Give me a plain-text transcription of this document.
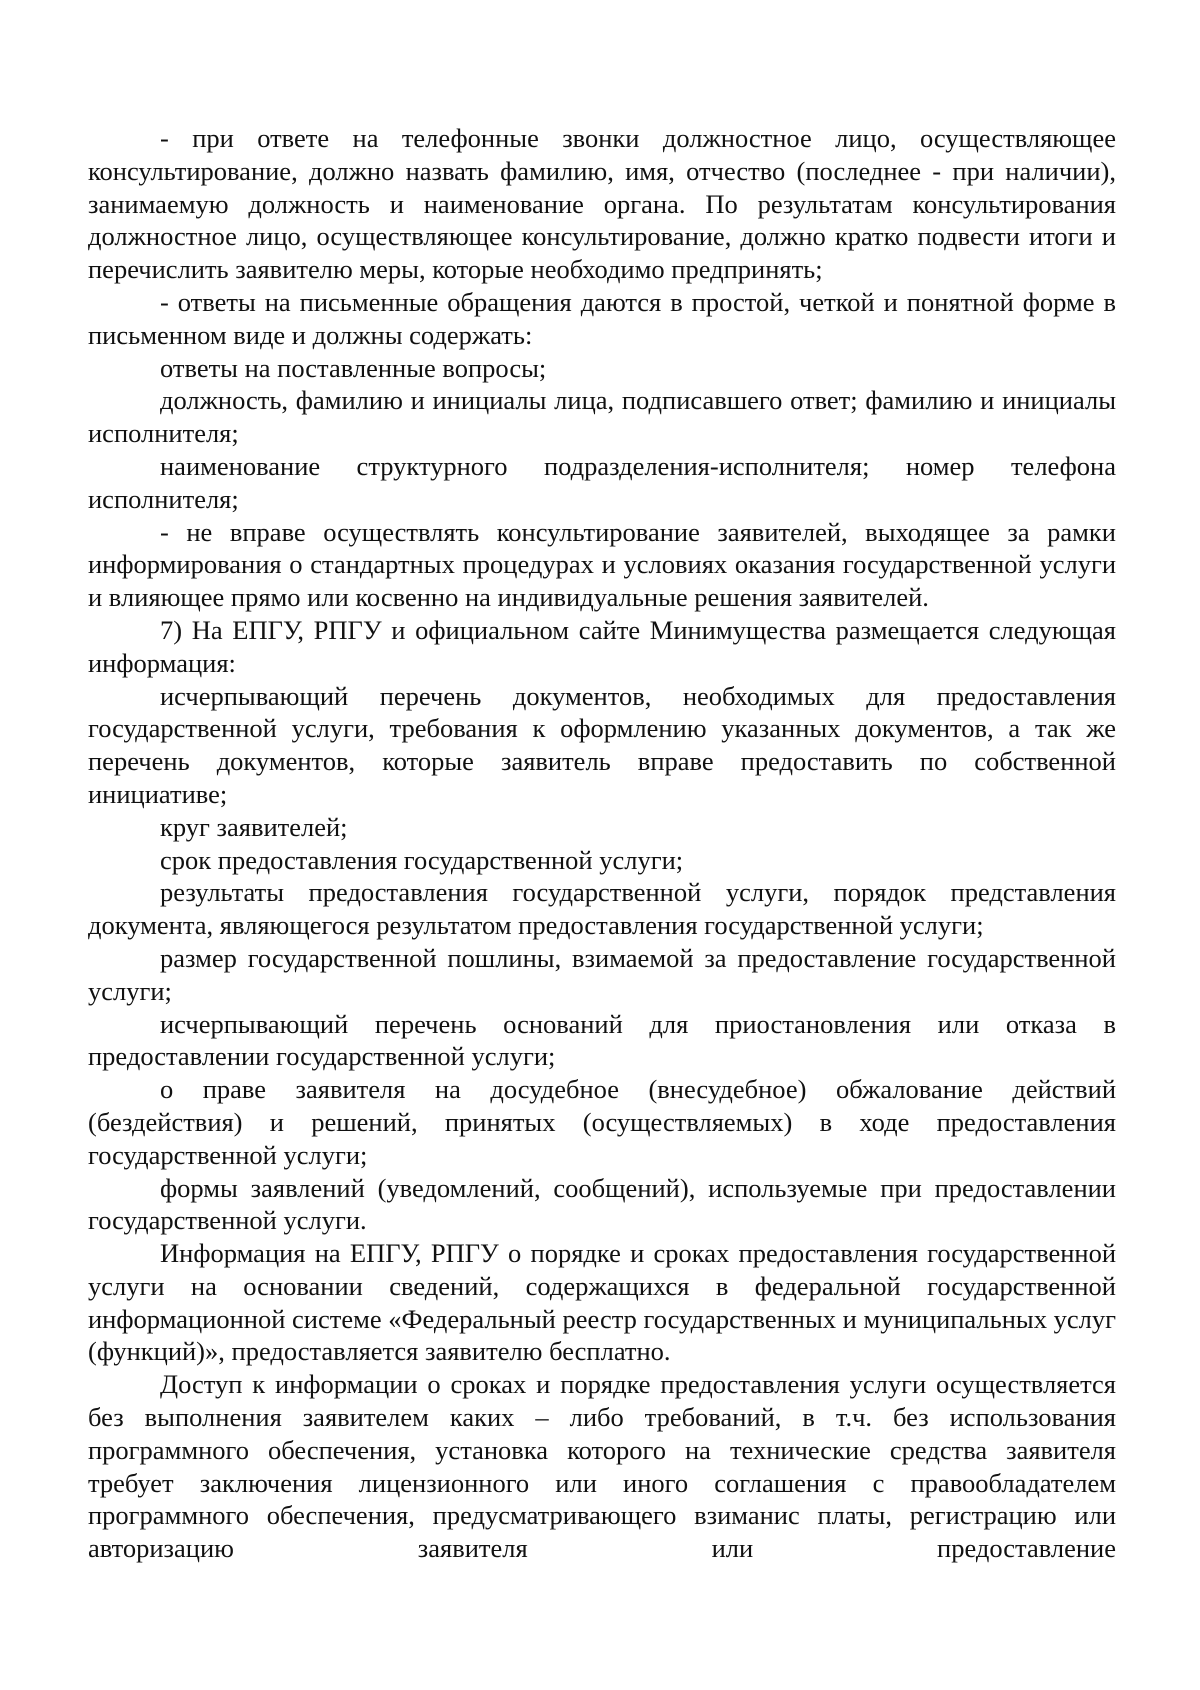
- при ответе на телефонные звонки должностное лицо, осуществляющее консультирование, должно назвать фамилию, имя, отчество (последнее - при наличии), занимаемую должность и наименование органа. По результатам консультирования должностное лицо, осуществляющее консультирование, должно кратко подвести итоги и перечислить заявителю меры, которые необходимо предпринять;

- ответы на письменные обращения даются в простой, четкой и понятной форме в письменном виде и должны содержать:

ответы на поставленные вопросы;

должность, фамилию и инициалы лица, подписавшего ответ; фамилию и инициалы исполнителя;

наименование структурного подразделения-исполнителя; номер телефона исполнителя;

- не вправе осуществлять консультирование заявителей, выходящее за рамки информирования о стандартных процедурах и условиях оказания государственной услуги и влияющее прямо или косвенно на индивидуальные решения заявителей.

7) На ЕПГУ, РПГУ и официальном сайте Минимущества размещается следующая информация:

исчерпывающий перечень документов, необходимых для предоставления государственной услуги, требования к оформлению указанных документов, а так же перечень документов, которые заявитель вправе предоставить по собственной инициативе;

круг заявителей;

срок предоставления государственной услуги;

результаты предоставления государственной услуги, порядок представления документа, являющегося результатом предоставления государственной услуги;

размер государственной пошлины, взимаемой за предоставление государственной услуги;

исчерпывающий перечень оснований для приостановления или отказа в предоставлении государственной услуги;

о праве заявителя на досудебное (внесудебное) обжалование действий (бездействия) и решений, принятых (осуществляемых) в ходе предоставления государственной услуги;

формы заявлений (уведомлений, сообщений), используемые при предоставлении государственной услуги.

Информация на ЕПГУ, РПГУ о порядке и сроках предоставления государственной услуги на основании сведений, содержащихся в федеральной государственной информационной системе «Федеральный реестр государственных и муниципальных услуг (функций)», предоставляется заявителю бесплатно.

Доступ к информации о сроках и порядке предоставления услуги осуществляется без выполнения заявителем каких – либо требований, в т.ч. без использования программного обеспечения, установка которого на технические средства заявителя требует заключения лицензионного или иного соглашения с правообладателем программного обеспечения, предусматривающего взиманис платы, регистрацию или авторизацию заявителя или предоставление
